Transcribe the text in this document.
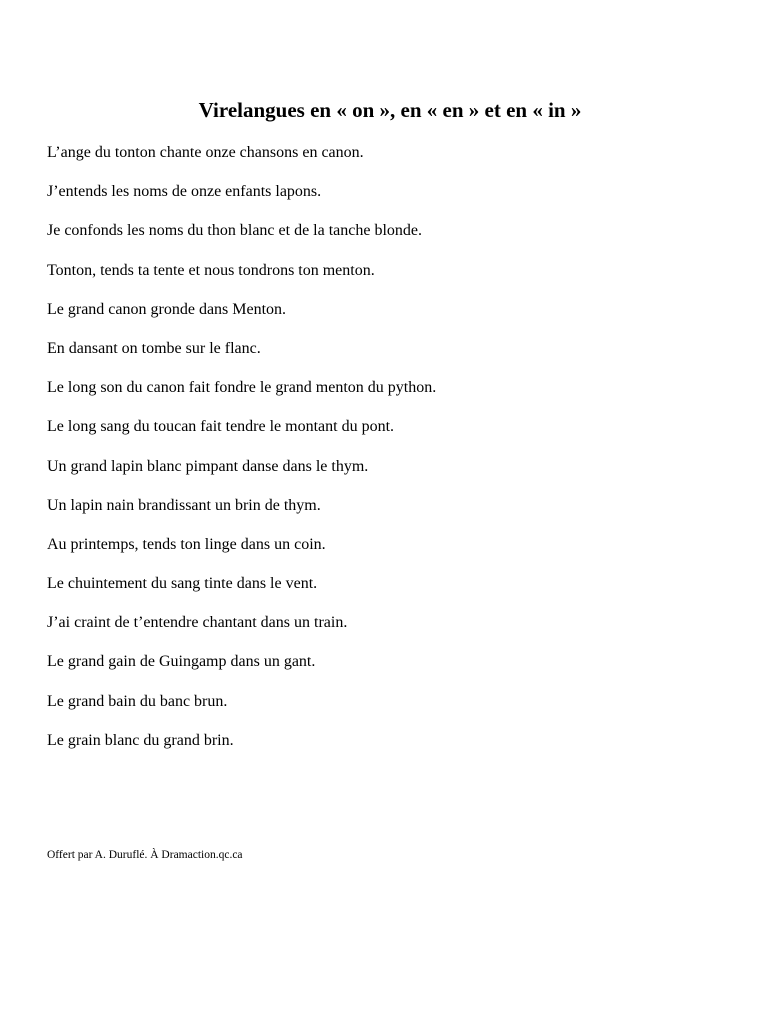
Virelangues en « on », en « en » et en « in »
L’ange du tonton chante onze chansons en canon.
J’entends les noms de onze enfants lapons.
Je confonds les noms du thon blanc et de la tanche blonde.
Tonton, tends ta tente et nous tondrons ton menton.
Le grand canon gronde dans Menton.
En dansant on tombe sur le flanc.
Le long son du canon fait fondre le grand menton du python.
Le long sang du toucan fait tendre le montant du pont.
Un grand lapin blanc pimpant danse dans le thym.
Un lapin nain brandissant un brin de thym.
Au printemps, tends ton linge dans un coin.
Le chuintement du sang tinte dans le vent.
J’ai craint de t’entendre chantant dans un train.
Le grand gain de Guingamp dans un gant.
Le grand bain du banc brun.
Le grain blanc du grand brin.
Offert par A. Duruflé. À Dramaction.qc.ca
